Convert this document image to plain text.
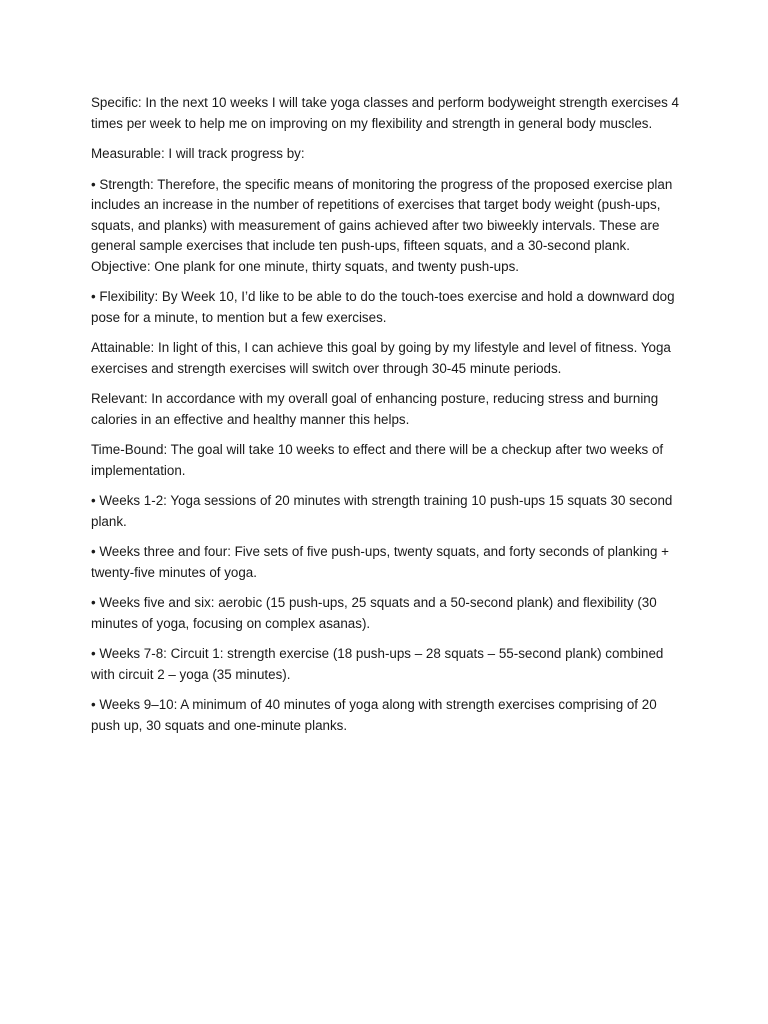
Specific: In the next 10 weeks I will take yoga classes and perform bodyweight strength exercises 4 times per week to help me on improving on my flexibility and strength in general body muscles.

Measurable: I will track progress by:

• Strength: Therefore, the specific means of monitoring the progress of the proposed exercise plan includes an increase in the number of repetitions of exercises that target body weight (push-ups, squats, and planks) with measurement of gains achieved after two biweekly intervals. These are general sample exercises that include ten push-ups, fifteen squats, and a 30-second plank. Objective: One plank for one minute, thirty squats, and twenty push-ups.

• Flexibility: By Week 10, I’d like to be able to do the touch-toes exercise and hold a downward dog pose for a minute, to mention but a few exercises.

Attainable: In light of this, I can achieve this goal by going by my lifestyle and level of fitness. Yoga exercises and strength exercises will switch over through 30-45 minute periods.

Relevant: In accordance with my overall goal of enhancing posture, reducing stress and burning calories in an effective and healthy manner this helps.

Time-Bound: The goal will take 10 weeks to effect and there will be a checkup after two weeks of implementation.

• Weeks 1-2: Yoga sessions of 20 minutes with strength training 10 push-ups 15 squats 30 second plank.

• Weeks three and four: Five sets of five push-ups, twenty squats, and forty seconds of planking + twenty-five minutes of yoga.

• Weeks five and six: aerobic (15 push-ups, 25 squats and a 50-second plank) and flexibility (30 minutes of yoga, focusing on complex asanas).

• Weeks 7-8: Circuit 1: strength exercise (18 push-ups – 28 squats – 55-second plank) combined with circuit 2 – yoga (35 minutes).

• Weeks 9–10: A minimum of 40 minutes of yoga along with strength exercises comprising of 20 push up, 30 squats and one-minute planks.
